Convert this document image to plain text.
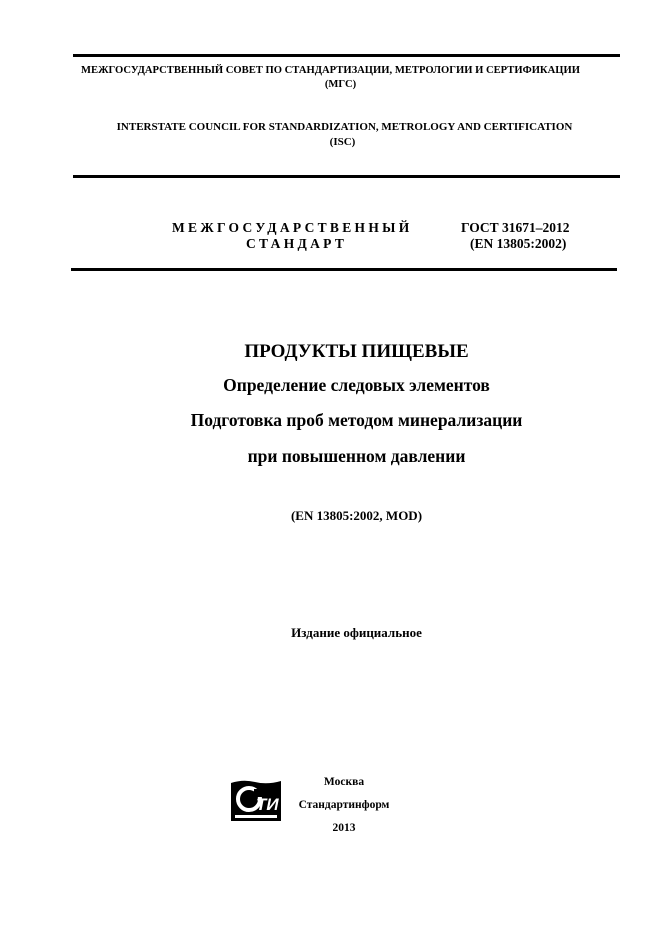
МЕЖГОСУДАРСТВЕННЫЙ СОВЕТ ПО СТАНДАРТИЗАЦИИ, МЕТРОЛОГИИ И СЕРТИФИКАЦИИ
(МГС)
INTERSTATE COUNCIL FOR STANDARDIZATION, METROLOGY AND CERTIFICATION
(ISC)
МЕЖГОСУДАРСТВЕННЫЙ
СТАНДАРТ
ГОСТ 31671–2012
(EN 13805:2002)
ПРОДУКТЫ ПИЩЕВЫЕ
Определение следовых элементов
Подготовка проб методом минерализации
при повышенном давлении
(EN 13805:2002, MOD)
Издание официальное
ТИ
Москва
Стандартинформ
2013
